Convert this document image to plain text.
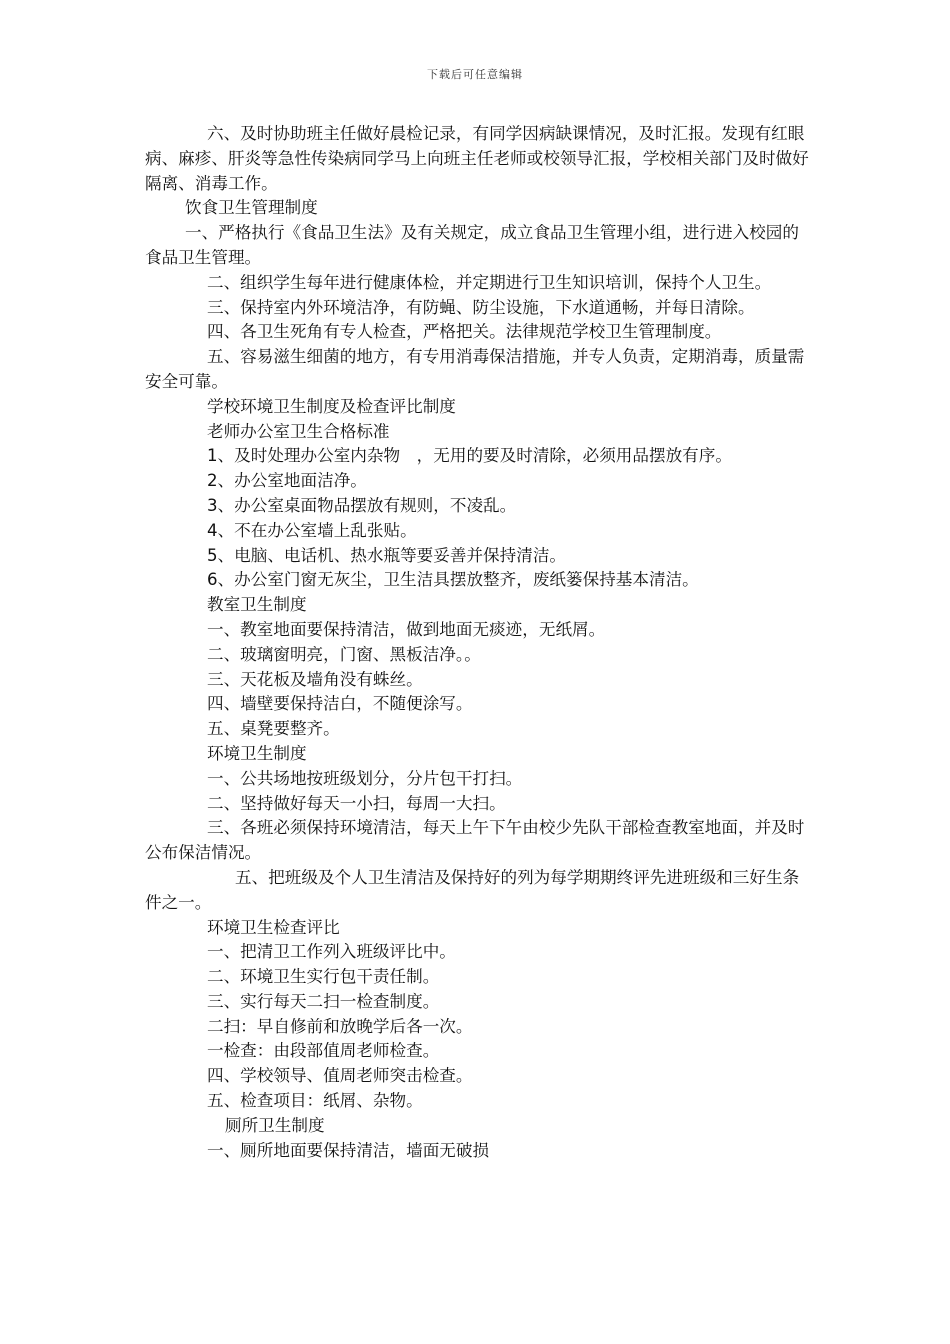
下载后可任意编辑

六、及时协助班主任做好晨检记录，有同学因病缺课情况，及时汇报。发现有红眼病、麻疹、肝炎等急性传染病同学马上向班主任老师或校领导汇报，学校相关部门及时做好隔离、消毒工作。

饮食卫生管理制度

一、严格执行《食品卫生法》及有关规定，成立食品卫生管理小组，进行进入校园的食品卫生管理。

二、组织学生每年进行健康体检，并定期进行卫生知识培训，保持个人卫生。

三、保持室内外环境洁净，有防蝇、防尘设施，下水道通畅，并每日清除。

四、各卫生死角有专人检查，严格把关。法律规范学校卫生管理制度。

五、容易滋生细菌的地方，有专用消毒保洁措施，并专人负责，定期消毒，质量需安全可靠。

学校环境卫生制度及检查评比制度

老师办公室卫生合格标准

1、及时处理办公室内杂物　，无用的要及时清除，必须用品摆放有序。

2、办公室地面洁净。

3、办公室桌面物品摆放有规则，不凌乱。

4、不在办公室墙上乱张贴。

5、电脑、电话机、热水瓶等要妥善并保持清洁。

6、办公室门窗无灰尘，卫生洁具摆放整齐，废纸篓保持基本清洁。

教室卫生制度

一、教室地面要保持清洁，做到地面无痰迹，无纸屑。

二、玻璃窗明亮，门窗、黑板洁净。。

三、天花板及墙角没有蛛丝。

四、墙壁要保持洁白，不随便涂写。

五、桌凳要整齐。

环境卫生制度

一、公共场地按班级划分，分片包干打扫。

二、坚持做好每天一小扫，每周一大扫。

三、各班必须保持环境清洁，每天上午下午由校少先队干部检查教室地面，并及时公布保洁情况。

五、把班级及个人卫生清洁及保持好的列为每学期期终评先进班级和三好生条件之一。

环境卫生检查评比

一、把清卫工作列入班级评比中。

二、环境卫生实行包干责任制。

三、实行每天二扫一检查制度。

二扫：早自修前和放晚学后各一次。

一检查：由段部值周老师检查。

四、学校领导、值周老师突击检查。

五、检查项目：纸屑、杂物。

厕所卫生制度

一、厕所地面要保持清洁，墙面无破损
